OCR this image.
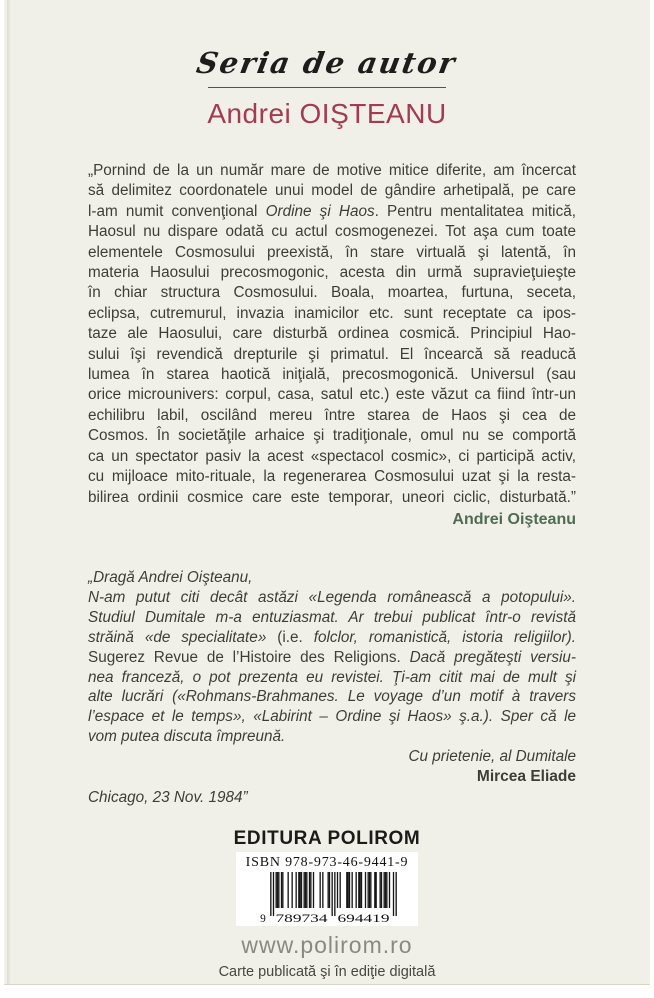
Seria de autor
Andrei OIŞTEANU
„Pornind de la un număr mare de motive mitice diferite, am încercat
să delimitez coordonatele unui model de gândire arhetipală, pe care
l-am numit convenţional Ordine şi Haos. Pentru mentalitatea mitică,
Haosul nu dispare odată cu actul cosmogenezei. Tot aşa cum toate
elementele Cosmosului preexistă, în stare virtuală şi latentă, în
materia Haosului precosmogonic, acesta din urmă supravieţuieşte
în chiar structura Cosmosului. Boala, moartea, furtuna, seceta,
eclipsa, cutremurul, invazia inamicilor etc. sunt receptate ca ipos-
taze ale Haosului, care disturbă ordinea cosmică. Principiul Hao-
sului îşi revendică drepturile şi primatul. El încearcă să readucă
lumea în starea haotică iniţială, precosmogonică. Universul (sau
orice microunivers: corpul, casa, satul etc.) este văzut ca fiind într-un
echilibru labil, oscilând mereu între starea de Haos şi cea de
Cosmos. În societăţile arhaice şi tradiţionale, omul nu se comportă
ca un spectator pasiv la acest «spectacol cosmic», ci participă activ,
cu mijloace mito-rituale, la regenerarea Cosmosului uzat şi la resta-
bilirea ordinii cosmice care este temporar, uneori ciclic, disturbată.”
Andrei Oişteanu
„Dragă Andrei Oişteanu,
N-am putut citi decât astăzi «Legenda românească a potopului».
Studiul Dumitale m-a entuziasmat. Ar trebui publicat într-o revistă
străină «de specialitate» (i.e. folclor, romanistică, istoria religiilor).
Sugerez Revue de l’Histoire des Religions. Dacă pregăteşti versiu-
nea franceză, o pot prezenta eu revistei. Ţi-am citit mai de mult şi
alte lucrări («Rohmans-Brahmanes. Le voyage d’un motif à travers
l’espace et le temps», «Labirint – Ordine şi Haos» ş.a.). Sper că le
vom putea discuta împreună.
Cu prietenie, al Dumitale
Mircea Eliade
Chicago, 23 Nov. 1984”
EDITURA POLIROM
ISBN 978-973-46-9441-9
9 789734 694419
www.polirom.ro
Carte publicată şi în ediţie digitală
